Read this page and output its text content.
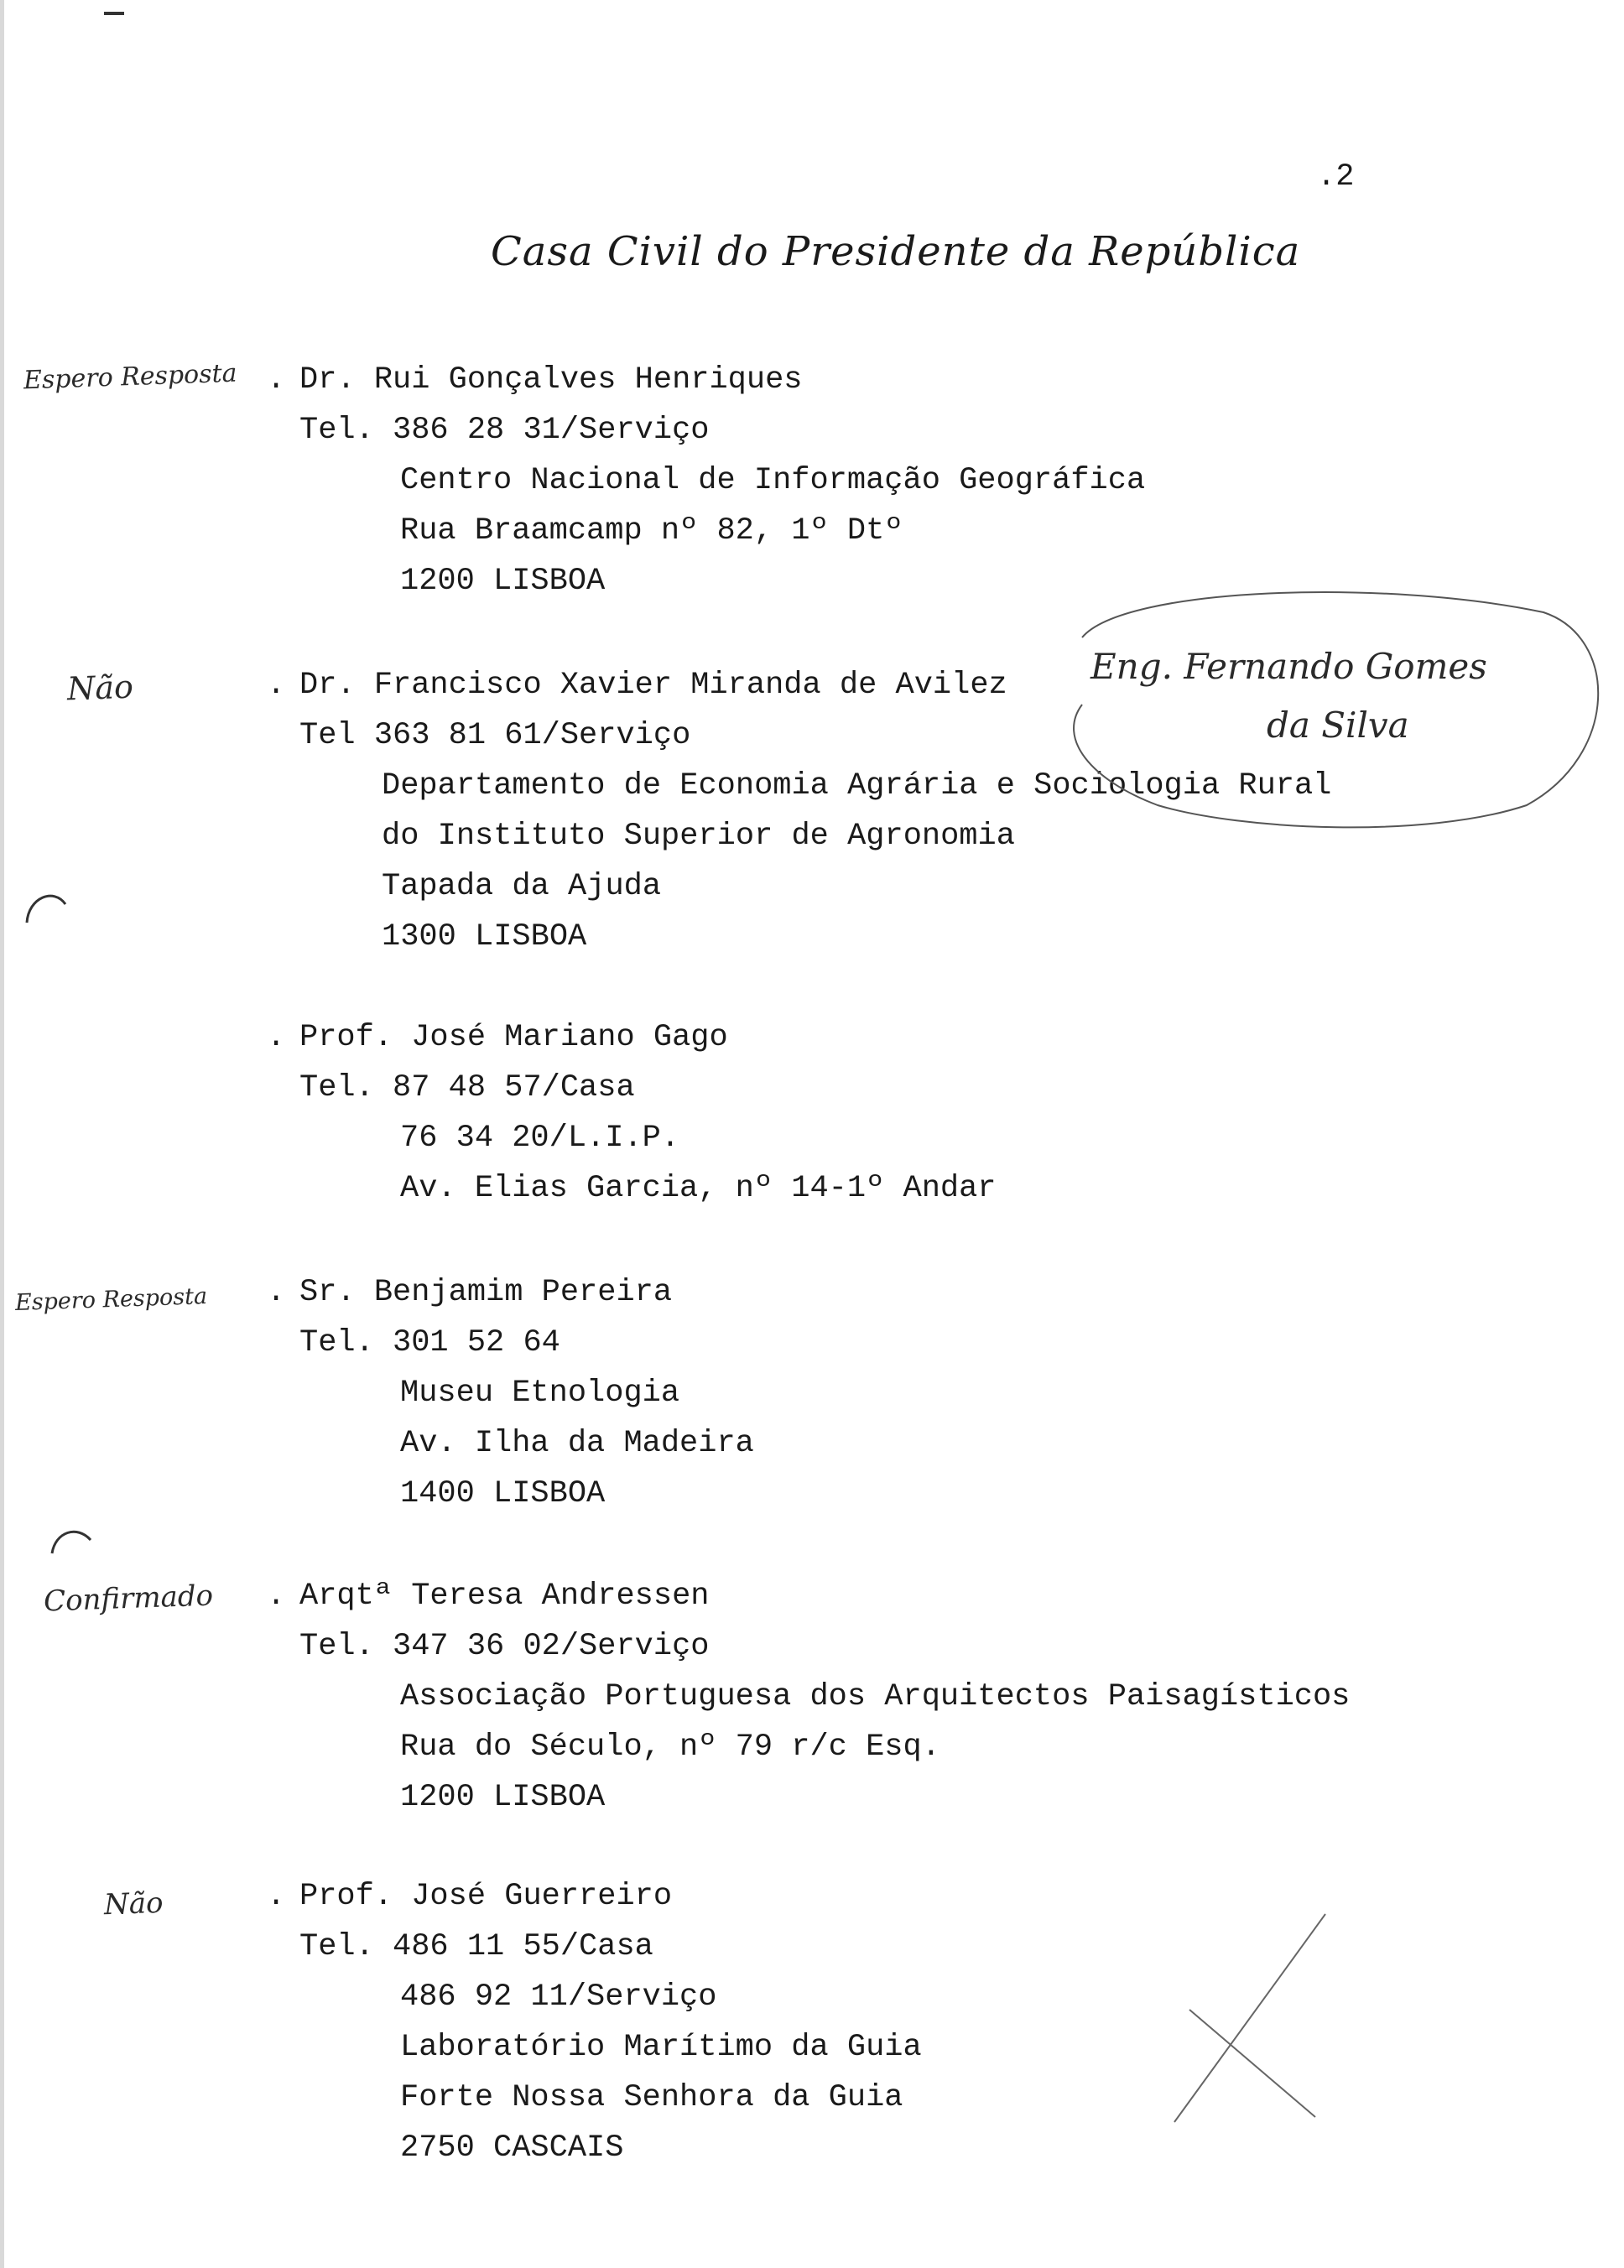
.2
Casa Civil do Presidente da República
Espero Resposta . Dr. Rui Gonçalves Henriques
Tel. 386 28 31/Serviço
Centro Nacional de Informação Geográfica
Rua Braamcamp nº 82, 1º Dtº
1200 LISBOA
Não	. Dr. Francisco Xavier Miranda de Avilez
Tel 363 81 61/Serviço
Departamento de Economia Agrária e Sociologia Rural
do Instituto Superior de Agronomia
Tapada da Ajuda
1300 LISBOA
Eng. Fernando Gomes
da Silva
. Prof. José Mariano Gago
Tel. 87 48 57/Casa
76 34 20/L.I.P.
Av. Elias Garcia, nº 14-1º Andar
Espero Resposta . Sr. Benjamim Pereira
Tel. 301 52 64
Museu Etnologia
Av. Ilha da Madeira
1400 LISBOA
Confirmado . Arqtª Teresa Andressen
Tel. 347 36 02/Serviço
Associação Portuguesa dos Arquitectos Paisagísticos
Rua do Século, nº 79 r/c Esq.
1200 LISBOA
Não	. Prof. José Guerreiro
Tel. 486 11 55/Casa
486 92 11/Serviço
Laboratório Marítimo da Guia
Forte Nossa Senhora da Guia
2750 CASCAIS
